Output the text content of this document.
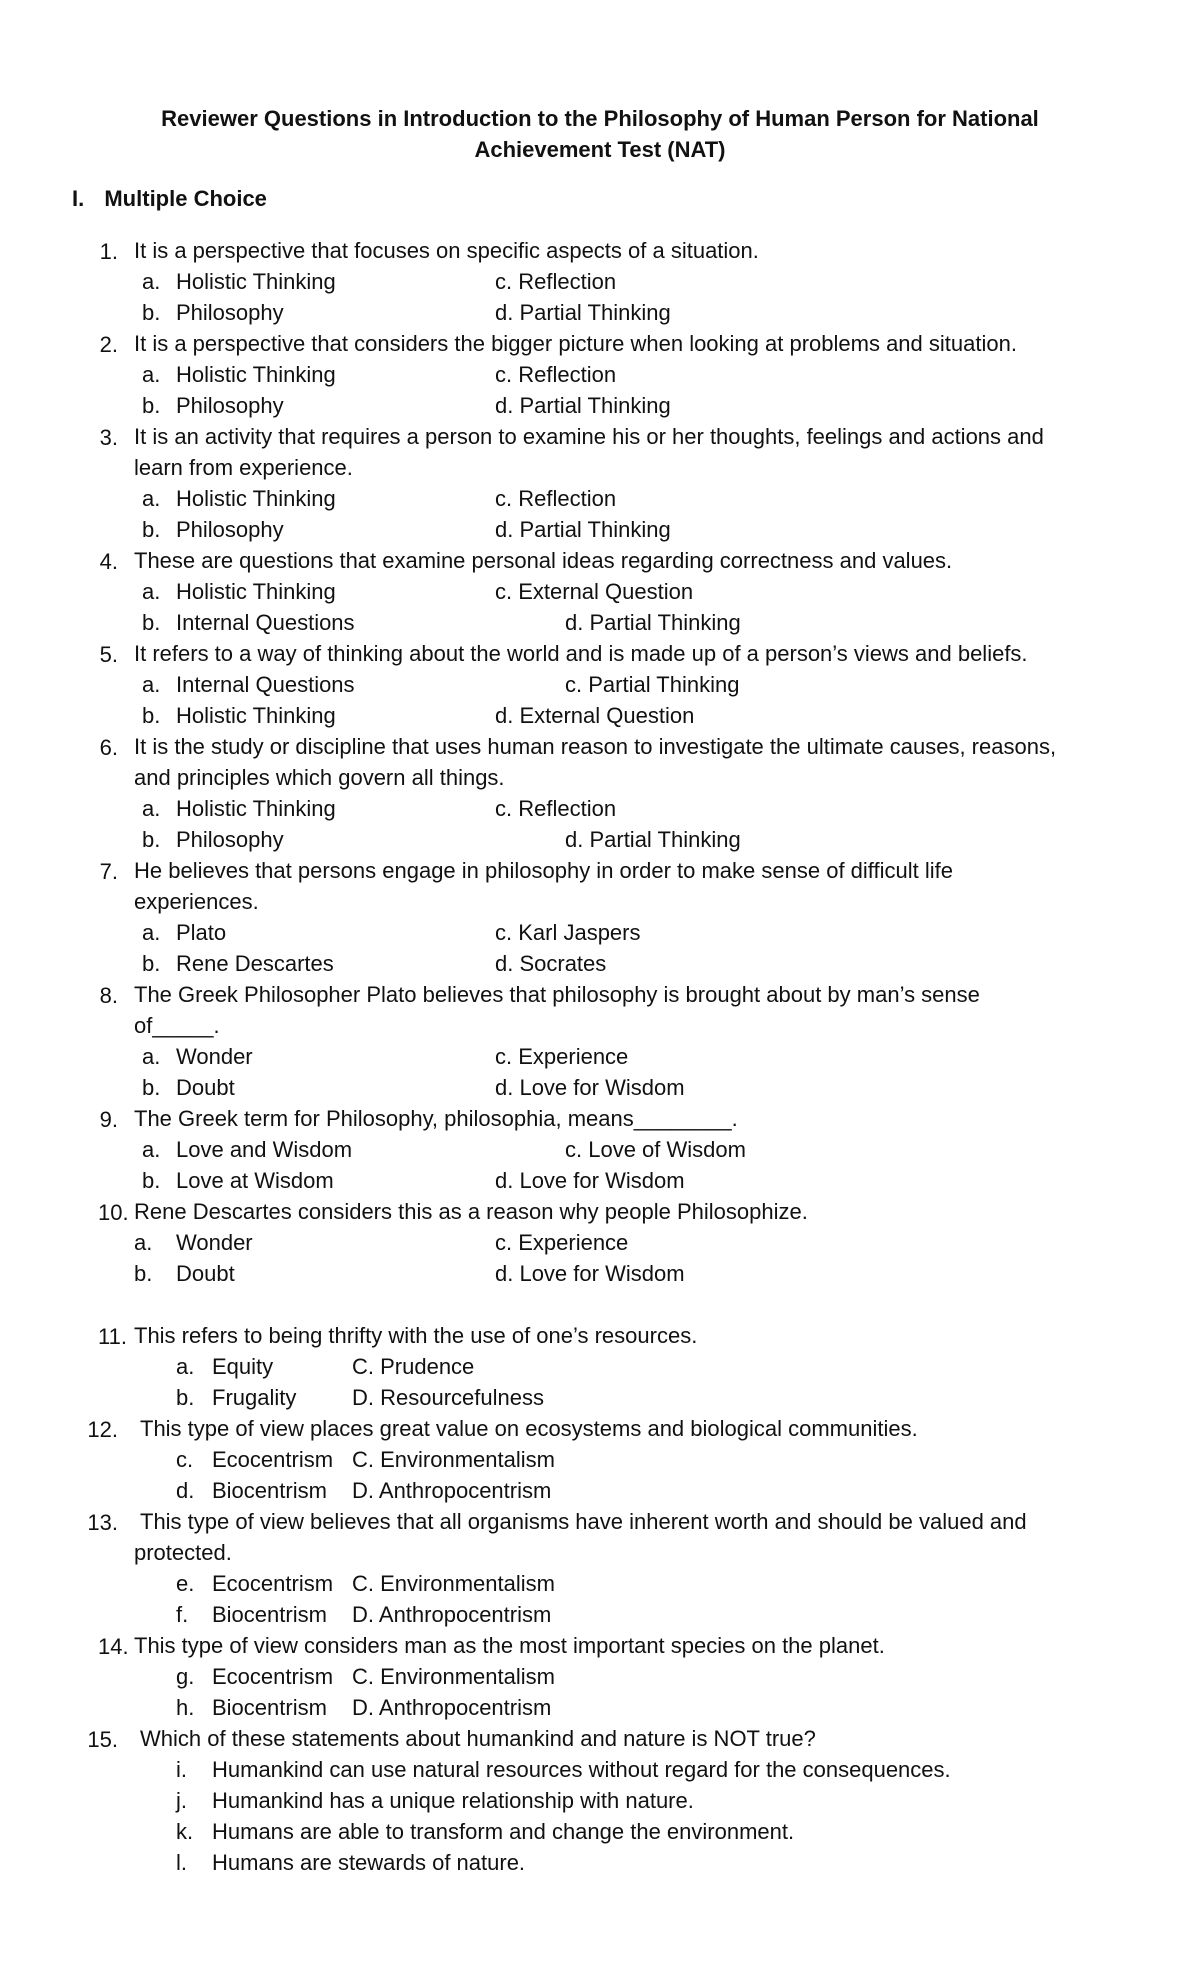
Reviewer Questions in Introduction to the Philosophy of Human Person for National
Achievement Test (NAT)
I. Multiple Choice
1. It is a perspective that focuses on specific aspects of a situation.
a. Holistic Thinking	c. Reflection
b. Philosophy	d. Partial Thinking
2. It is a perspective that considers the bigger picture when looking at problems and situation.
a. Holistic Thinking	c. Reflection
b. Philosophy	d. Partial Thinking
3. It is an activity that requires a person to examine his or her thoughts, feelings and actions and
learn from experience.
a. Holistic Thinking	c. Reflection
b. Philosophy	d. Partial Thinking
4. These are questions that examine personal ideas regarding correctness and values.
a. Holistic Thinking	c. External Question
b. Internal Questions	d. Partial Thinking
5. It refers to a way of thinking about the world and is made up of a person’s views and beliefs.
a. Internal Questions	c. Partial Thinking
b. Holistic Thinking	d. External Question
6. It is the study or discipline that uses human reason to investigate the ultimate causes, reasons,
and principles which govern all things.
a. Holistic Thinking	c. Reflection
b. Philosophy	d. Partial Thinking
7. He believes that persons engage in philosophy in order to make sense of difficult life
experiences.
a. Plato	c. Karl Jaspers
b. Rene Descartes	d. Socrates
8. The Greek Philosopher Plato believes that philosophy is brought about by man’s sense
of_____.
a. Wonder	c. Experience
b. Doubt	d. Love for Wisdom
9. The Greek term for Philosophy, philosophia, means________.
a. Love and Wisdom	c. Love of Wisdom
b. Love at Wisdom	d. Love for Wisdom
10. Rene Descartes considers this as a reason why people Philosophize.
a. Wonder	c. Experience
b. Doubt	d. Love for Wisdom
11. This refers to being thrifty with the use of one’s resources.
a. Equity	C. Prudence
b. Frugality	D. Resourcefulness
12. This type of view places great value on ecosystems and biological communities.
c. Ecocentrism C. Environmentalism
d. Biocentrism D. Anthropocentrism
13. This type of view believes that all organisms have inherent worth and should be valued and
protected.
e. Ecocentrism C. Environmentalism
f. Biocentrism D. Anthropocentrism
14. This type of view considers man as the most important species on the planet.
g. Ecocentrism C. Environmentalism
h. Biocentrism D. Anthropocentrism
15. Which of these statements about humankind and nature is NOT true?
i. Humankind can use natural resources without regard for the consequences.
j. Humankind has a unique relationship with nature.
k. Humans are able to transform and change the environment.
l. Humans are stewards of nature.
